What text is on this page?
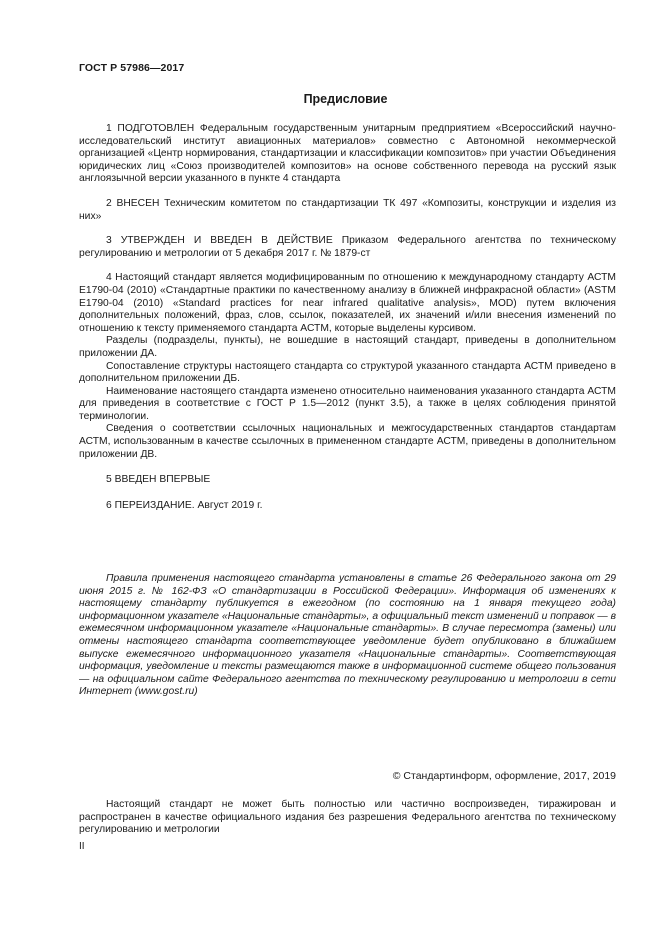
ГОСТ Р 57986—2017
Предисловие

1 ПОДГОТОВЛЕН Федеральным государственным унитарным предприятием «Всероссийский научно-исследовательский институт авиационных материалов» совместно с Автономной некоммерческой организацией «Центр нормирования, стандартизации и классификации композитов» при участии Объединения юридических лиц «Союз производителей композитов» на основе собственного перевода на русский язык англоязычной версии указанного в пункте 4 стандарта

2 ВНЕСЕН Техническим комитетом по стандартизации ТК 497 «Композиты, конструкции и изделия из них»

3 УТВЕРЖДЕН И ВВЕДЕН В ДЕЙСТВИЕ Приказом Федерального агентства по техническому регулированию и метрологии от 5 декабря 2017 г. № 1879-ст

4 Настоящий стандарт является модифицированным по отношению к международному стандарту АСТМ Е1790-04 (2010) «Стандартные практики по качественному анализу в ближней инфракрасной области» (ASTM E1790-04 (2010) «Standard practices for near infrared qualitative analysis», MOD) путем включения дополнительных положений, фраз, слов, ссылок, показателей, их значений и/или внесения изменений по отношению к тексту применяемого стандарта АСТМ, которые выделены курсивом.

Разделы (подразделы, пункты), не вошедшие в настоящий стандарт, приведены в дополнительном приложении ДА.

Сопоставление структуры настоящего стандарта со структурой указанного стандарта АСТМ приведено в дополнительном приложении ДБ.

Наименование настоящего стандарта изменено относительно наименования указанного стандарта АСТМ для приведения в соответствие с ГОСТ Р 1.5—2012 (пункт 3.5), а также в целях соблюдения принятой терминологии.

Сведения о соответствии ссылочных национальных и межгосударственных стандартов стандартам АСТМ, использованным в качестве ссылочных в примененном стандарте АСТМ, приведены в дополнительном приложении ДВ.

5 ВВЕДЕН ВПЕРВЫЕ

6 ПЕРЕИЗДАНИЕ. Август 2019 г.

Правила применения настоящего стандарта установлены в статье 26 Федерального закона от 29 июня 2015 г. № 162-ФЗ «О стандартизации в Российской Федерации». Информация об изменениях к настоящему стандарту публикуется в ежегодном (по состоянию на 1 января текущего года) информационном указателе «Национальные стандарты», а официальный текст изменений и поправок — в ежемесячном информационном указателе «Национальные стандарты». В случае пересмотра (замены) или отмены настоящего стандарта соответствующее уведомление будет опубликовано в ближайшем выпуске ежемесячного информационного указателя «Национальные стандарты». Соответствующая информация, уведомление и тексты размещаются также в информационной системе общего пользования — на официальном сайте Федерального агентства по техническому регулированию и метрологии в сети Интернет (www.gost.ru)

© Стандартинформ, оформление, 2017, 2019

Настоящий стандарт не может быть полностью или частично воспроизведен, тиражирован и распространен в качестве официального издания без разрешения Федерального агентства по техническому регулированию и метрологии

II
